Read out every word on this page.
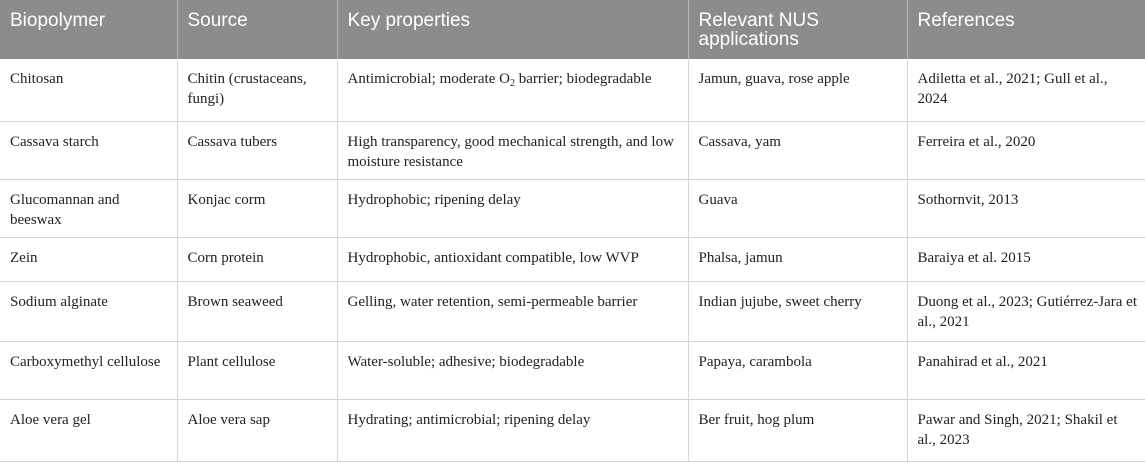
Biopolymer	Source	Key properties	Relevant NUS applications	References
Chitosan	Chitin (crustaceans, fungi)	Antimicrobial; moderate $O_2$ barrier; biodegradable	Jamun, guava, rose apple	Adiletta et al., 2021; Gull et al., 2024
Cassava starch	Cassava tubers	High transparency, good mechanical strength, and low moisture resistance	Cassava, yam	Ferreira et al., 2020
Glucomannan and beeswax	Konjac corm	Hydrophobic; ripening delay	Guava	Sothornvit, 2013
Zein	Corn protein	Hydrophobic, antioxidant compatible, low WVP	Phalsa, jamun	Baraiya et al. 2015
Sodium alginate	Brown seaweed	Gelling, water retention, semi-permeable barrier	Indian jujube, sweet cherry	Duong et al., 2023; Gutiérrez-Jara et al., 2021
Carboxymethyl cellulose	Plant cellulose	Water-soluble; adhesive; biodegradable	Papaya, carambola	Panahirad et al., 2021
Aloe vera gel	Aloe vera sap	Hydrating; antimicrobial; ripening delay	Ber fruit, hog plum	Pawar and Singh, 2021; Shakil et al., 2023
